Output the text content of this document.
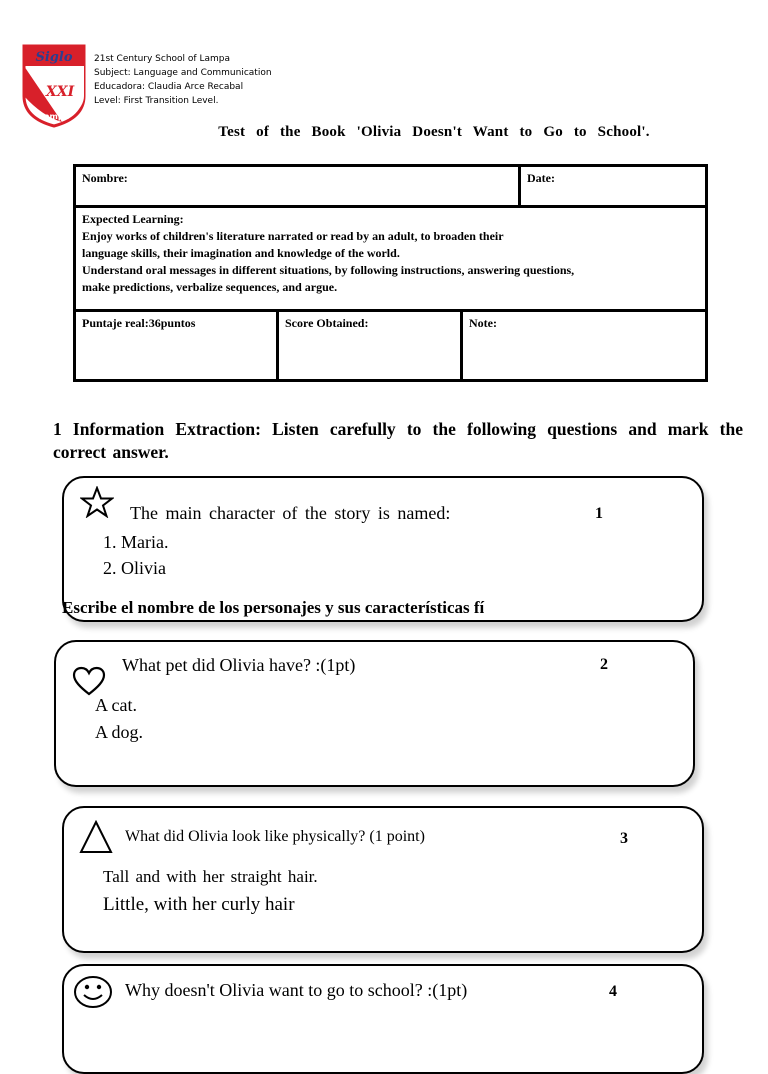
Siglo
XXI
Lampa
21st Century School of Lampa
Subject: Language and Communication
Educadora: Claudia Arce Recabal
Level: First Transition Level.
Test of the Book 'Olivia Doesn't Want to Go to School'.
Nombre:	Date:
Expected Learning:
Enjoy works of children's literature narrated or read by an adult, to broaden their
language skills, their imagination and knowledge of the world.
Understand oral messages in different situations, by following instructions, answering questions,
make predictions, verbalize sequences, and argue.
Puntaje real:36puntos	Score Obtained:	Note:
1 Information Extraction: Listen carefully to the following questions and mark the correct answer.
The main character of the story is named:	1
1. Maria.
2. Olivia
Escribe el nombre de los personajes y sus características fí
What pet did Olivia have? :(1pt)	2
A cat.
A dog.
What did Olivia look like physically? (1 point)	3
Tall and with her straight hair.
Little, with her curly hair
Why doesn't Olivia want to go to school? :(1pt)	4
